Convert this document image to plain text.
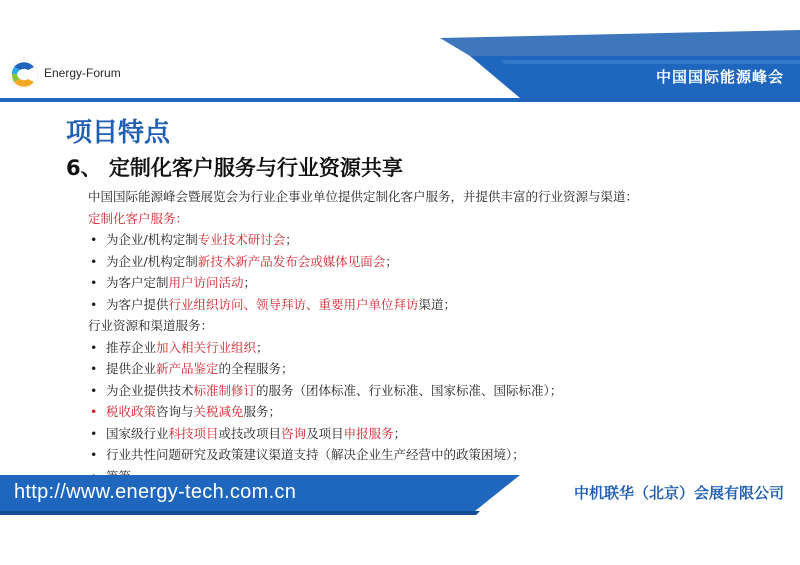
Energy-Forum	中国国际能源峰会
项目特点
6、 定制化客户服务与行业资源共享
中国国际能源峰会暨展览会为行业企事业单位提供定制化客户服务，并提供丰富的行业资源与渠道：
定制化客户服务：
• 为企业/机构定制专业技术研讨会；
• 为企业/机构定制新技术新产品发布会或媒体见面会；
• 为客户定制用户访问活动；
• 为客户提供行业组织访问、领导拜访、重要用户单位拜访渠道；
行业资源和渠道服务：
• 推荐企业加入相关行业组织；
• 提供企业新产品鉴定的全程服务；
• 为企业提供技术标准制修订的服务（团体标准、行业标准、国家标准、国际标准）；
• 税收政策咨询与关税减免服务；
• 国家级行业科技项目或技改项目咨询及项目申报服务；
• 行业共性问题研究及政策建议渠道支持（解决企业生产经营中的政策困境）；
•
http://www.energy-tech.com.cn	中机联华（北京）会展有限公司
